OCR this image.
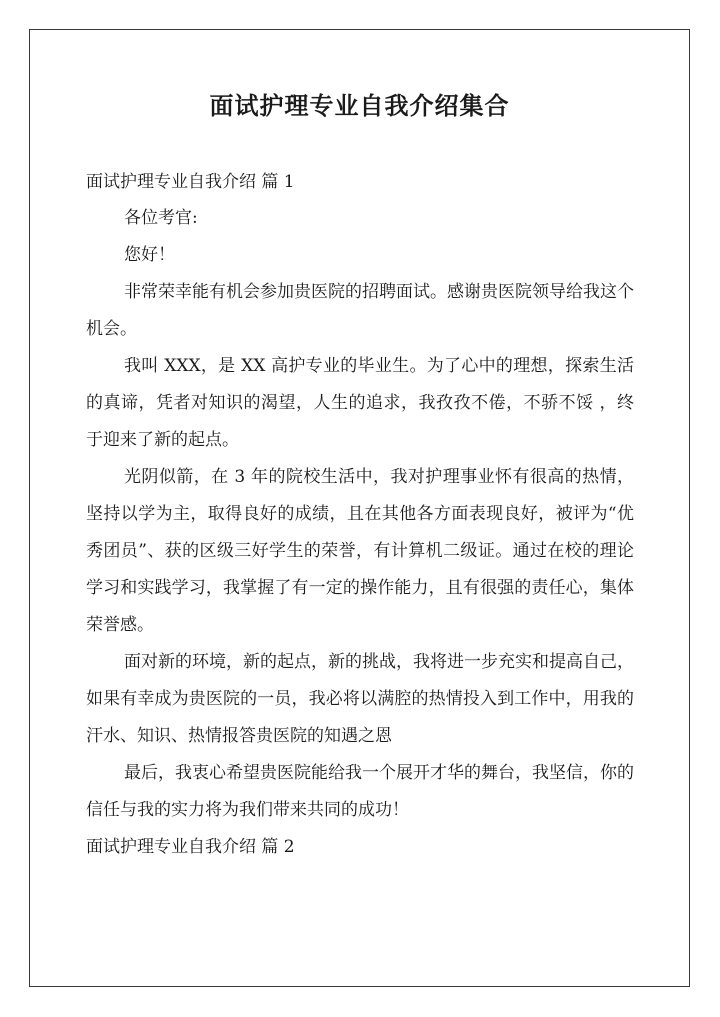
面试护理专业自我介绍集合
面试护理专业自我介绍 篇 1

各位考官:

您好！

非常荣幸能有机会参加贵医院的招聘面试。感谢贵医院领导给我这个机会。

我叫 XXX，是 XX 高护专业的毕业生。为了心中的理想，探索生活的真谛，凭者对知识的渴望，人生的追求，我孜孜不倦，不骄不馁 ，终于迎来了新的起点。

光阴似箭，在 3 年的院校生活中，我对护理事业怀有很高的热情，坚持以学为主，取得良好的成绩，且在其他各方面表现良好，被评为“优秀团员”、获的区级三好学生的荣誉，有计算机二级证。通过在校的理论学习和实践学习，我掌握了有一定的操作能力，且有很强的责任心，集体荣誉感。

面对新的环境，新的起点，新的挑战，我将进一步充实和提高自己，如果有幸成为贵医院的一员，我必将以满腔的热情投入到工作中，用我的汗水、知识、热情报答贵医院的知遇之恩

最后，我衷心希望贵医院能给我一个展开才华的舞台，我坚信，你的信任与我的实力将为我们带来共同的成功！

面试护理专业自我介绍 篇 2
